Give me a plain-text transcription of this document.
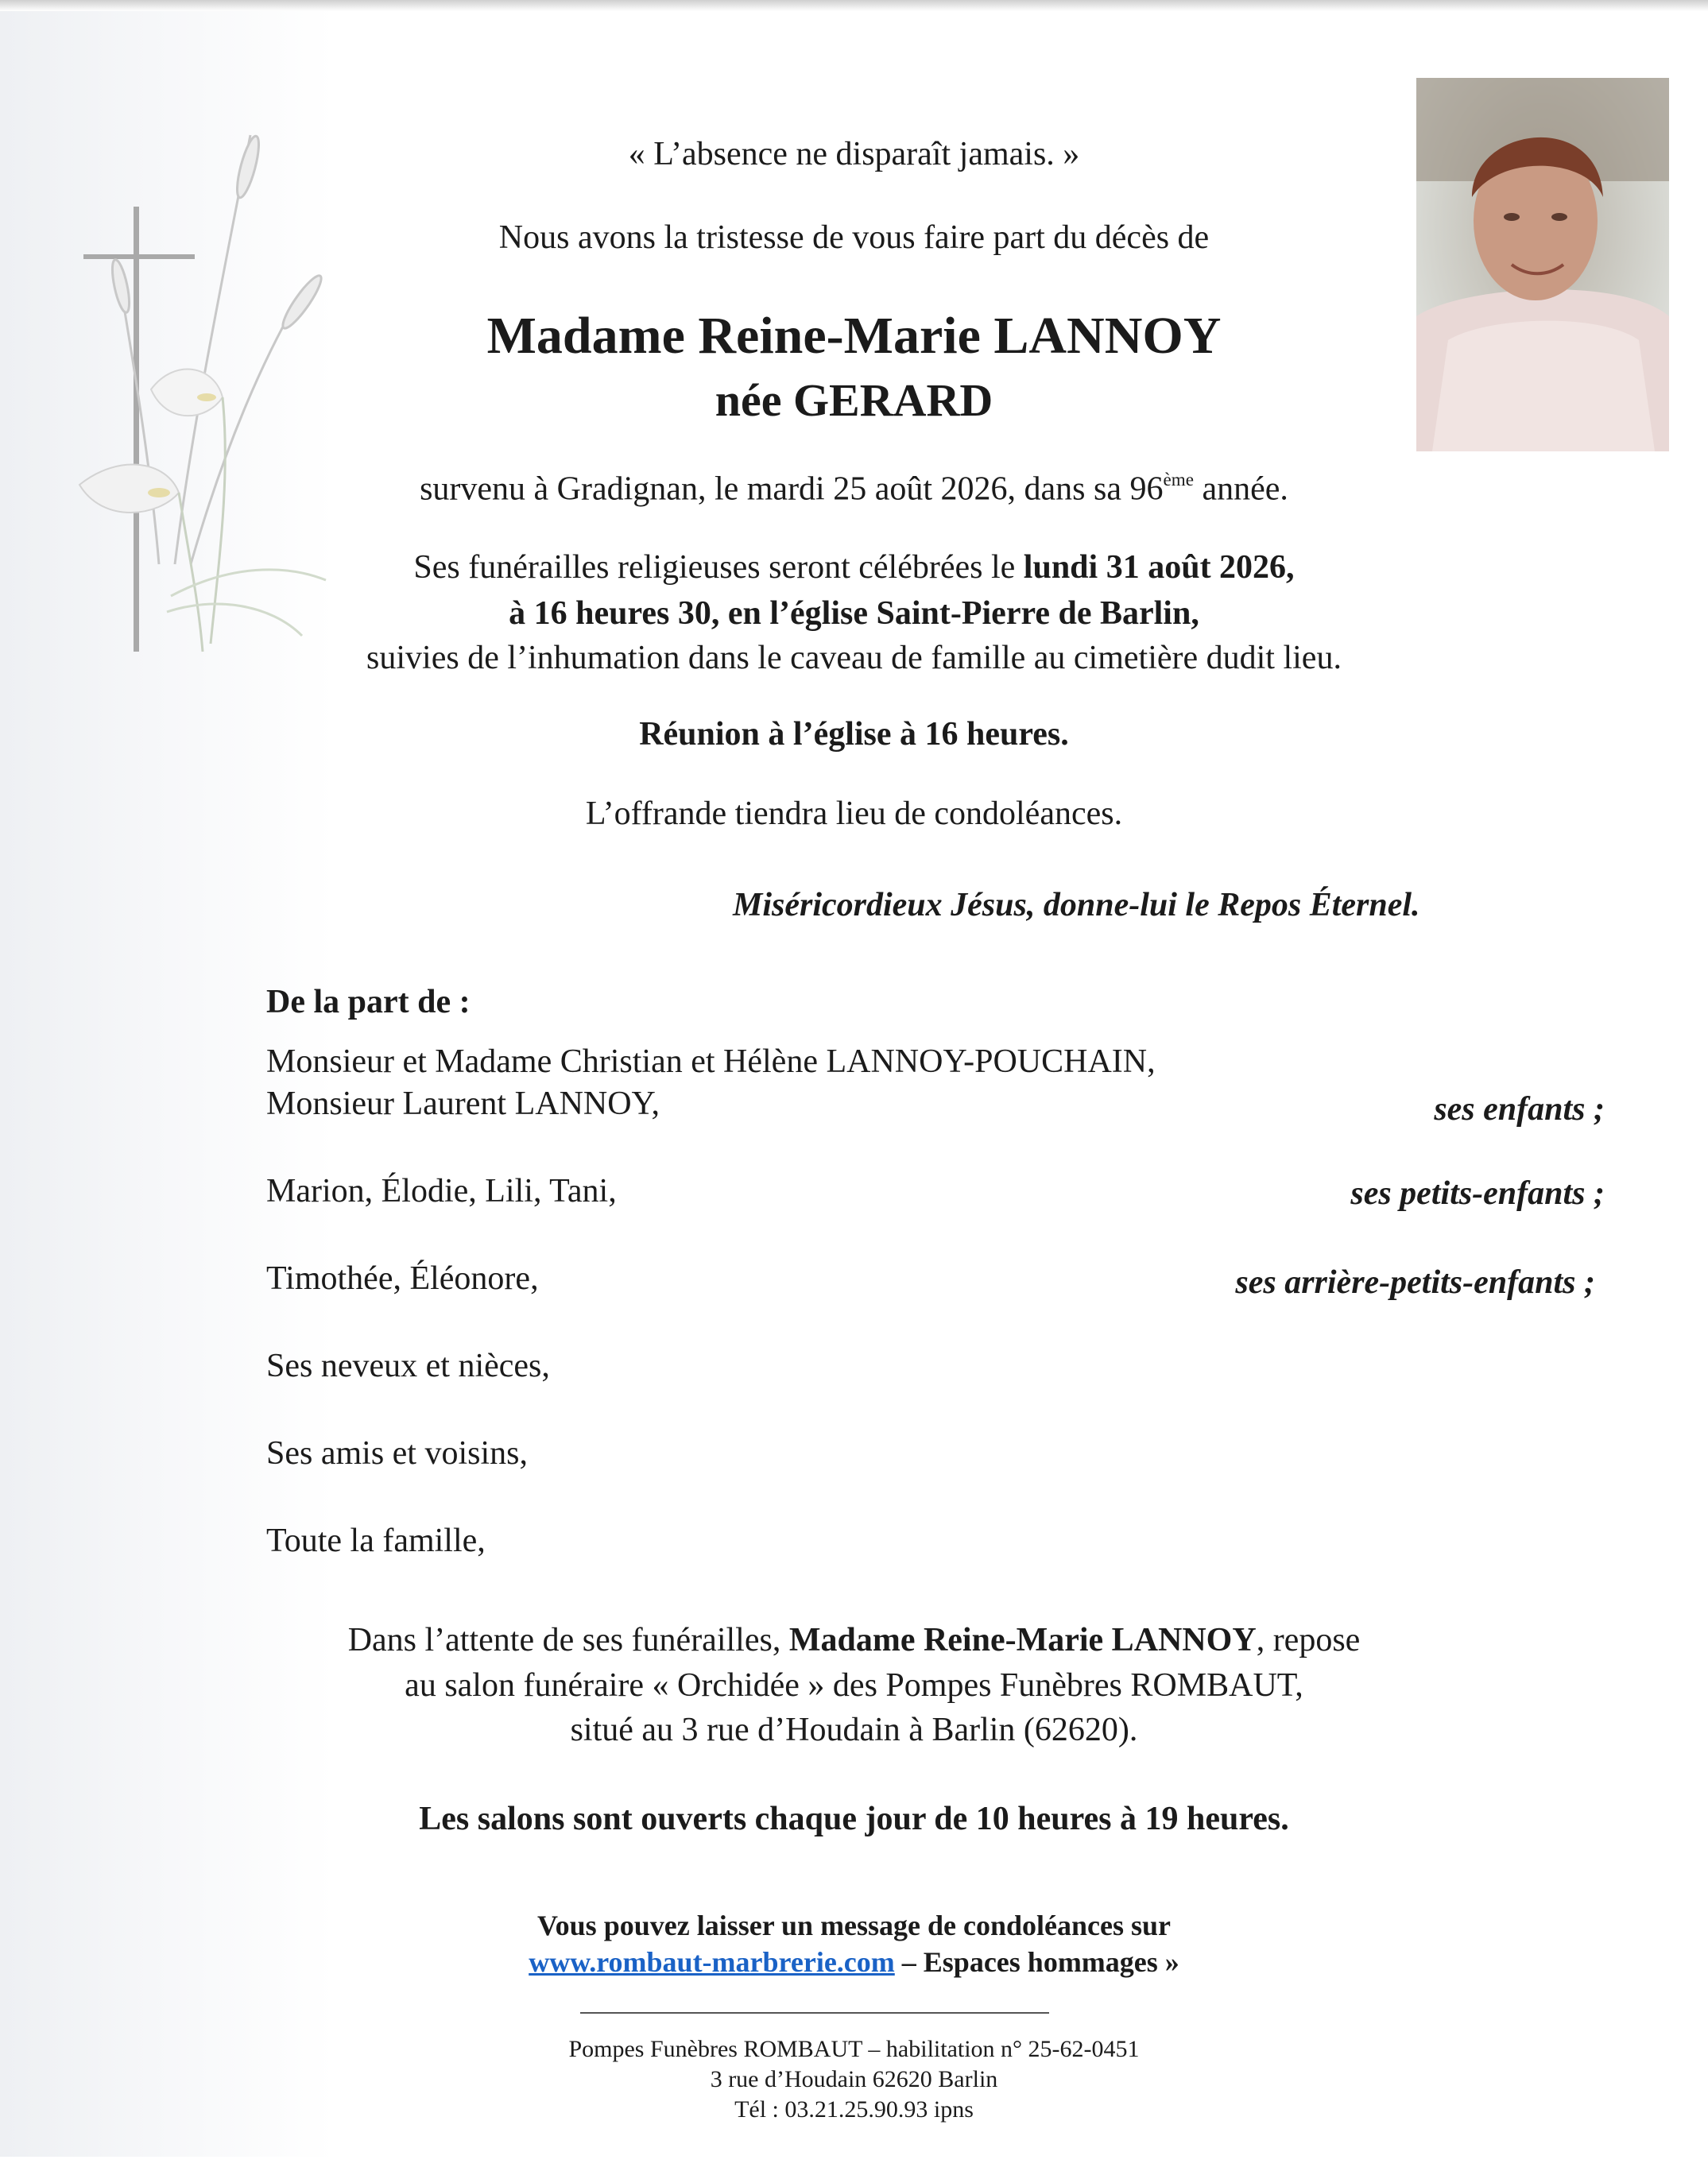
« L’absence ne disparaît jamais. »
Nous avons la tristesse de vous faire part du décès de
Madame Reine-Marie LANNOY
née GERARD
survenu à Gradignan, le mardi 25 août 2026, dans sa 96ème année.
Ses funérailles religieuses seront célébrées le lundi 31 août 2026,
à 16 heures 30, en l’église Saint-Pierre de Barlin,
suivies de l’inhumation dans le caveau de famille au cimetière dudit lieu.
Réunion à l’église à 16 heures.
L’offrande tiendra lieu de condoléances.
Miséricordieux Jésus, donne-lui le Repos Éternel.
De la part de :
Monsieur et Madame Christian et Hélène LANNOY-POUCHAIN,
Monsieur Laurent LANNOY,	ses enfants ;
Marion, Élodie, Lili, Tani,	ses petits-enfants ;
Timothée, Éléonore,	ses arrière-petits-enfants ;
Ses neveux et nièces,
Ses amis et voisins,
Toute la famille,
Dans l’attente de ses funérailles, Madame Reine-Marie LANNOY, repose
au salon funéraire « Orchidée » des Pompes Funèbres ROMBAUT,
situé au 3 rue d’Houdain à Barlin (62620).
Les salons sont ouverts chaque jour de 10 heures à 19 heures.
Vous pouvez laisser un message de condoléances sur
www.rombaut-marbrerie.com – Espaces hommages »
Pompes Funèbres ROMBAUT – habilitation n° 25-62-0451
3 rue d’Houdain 62620 Barlin
Tél : 03.21.25.90.93 ipns
